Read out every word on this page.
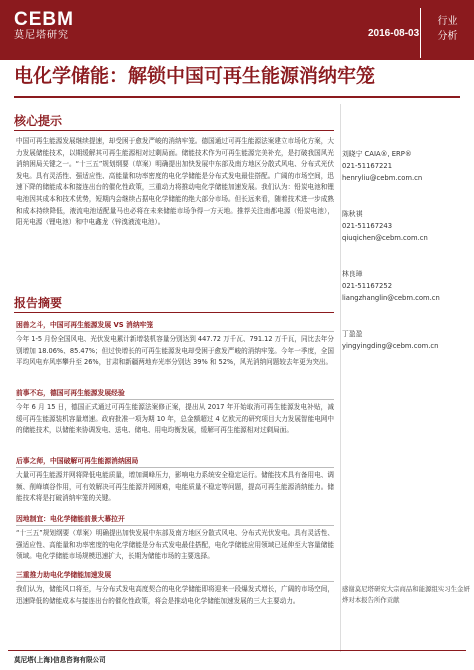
CEBM
莫尼塔研究	2016-08-03
行业
分析
电化学储能：解锁中国可再生能源消纳牢笼
核心提示
中国可再生能源发展继续提速，却受困于愈发严峻的消纳牢笼。德国通过可再生能源法案建立市场化方案，大力发展储能技术，以期缓解其可再生能源相对过剩局面。储能技术作为可再生能源完美补充，是打破我国风光消纳困局关键之一。“十三五”规划纲要（草案）明确提出加快发展中东部及南方地区分散式风电、分布式光伏发电。具有灵活性、强适应性、高能量和功率密度的电化学储能是分布式发电最佳搭配。广阔的市场空间，迅速下降的储能成本和接连出台的催化性政策，三重动力将推动电化学储能加速发展。我们认为：铅炭电池和锂电池因其成本和技术优势，短期内会继续占据电化学储能的绝大部分市场。但长远来看，随着技术进一步成熟和成本持续降低，液流电池适配量马也必将在未来储能市场争得一方天地。推荐关注南都电源（铅炭电池），阳光电源（锂电池）和中电鑫龙（锌溴液流电池）。
报告摘要
困兽之斗，中国可再生能源发展 VS 消纳牢笼
今年 1-5 月份全国风电、光伏发电累计新增装机容量分别达到 447.72 万千瓦、791.12 万千瓦，同比去年分别增加 18.06%、85.47%；但过快增长的可再生能源发电却受困于愈发严峻的消纳牢笼。今年一季度，全国平均风电弃风率攀升至 26%，甘肃和新疆两地弃光率分别达 39% 和 52%，风光消纳问题较去年更为突出。
前事不忘，德国可再生能源发展经验
今年 6 月 15 日，德国正式通过可再生能源法案修正案，提出从 2017 年开始取消可再生能源发电补贴，减缓可再生能源装机容量增速。政府批准一项为期 10 年，总金额超过 4 亿欧元的研究项目大力发展智能电网中的储能技术，以储能来协调发电、送电、储电、用电均衡发展，缓解可再生能源相对过剩局面。
后事之师，中国破解可再生能源消纳困局
大量可再生能源并网将降低电能质量，增加调峰压力，影响电力系统安全稳定运行。储能技术具有备用电、调频、削峰填谷作用，可有效解决可再生能源并网困难，电能质量不稳定等问题，提高可再生能源消纳能力。储能技术将是打破消纳牢笼的关键。
因地制宜：电化学储能前景大幕拉开
“十三五”规划纲要（草案）明确提出加快发展中东部及南方地区分散式风电、分布式光伏发电。具有灵活性、强适应性、高能量和功率密度的电化学储能是分布式发电最佳搭配，电化学储能应用领域已延伸至大容量储能领域。电化学储能市场规模迅速扩大，长期为储能市场的主要选择。
三重推力助电化学储能加速发展
我们认为，储能风口将至，与分布式发电高度契合的电化学储能即将迎来一段爆发式增长，广阔的市场空间，迅速降低的储能成本与接连出台的催化性政策，将会是推动电化学储能加速发展的三大主要动力。
刘晓宁 CAIA®, ERP®
021-51167221
henryliu@cebm.com.cn
陈秋祺
021-51167243
qiuqichen@cebm.com.cn
林良璋
021-51167252
liangzhanglin@cebm.com.cn
丁盈盈
yingyingding@cebm.com.cn
感谢莫尼塔研究大宗商品和能源组实习生金妍烨对本报告所作贡献
莫尼塔(上海)信息咨询有限公司
